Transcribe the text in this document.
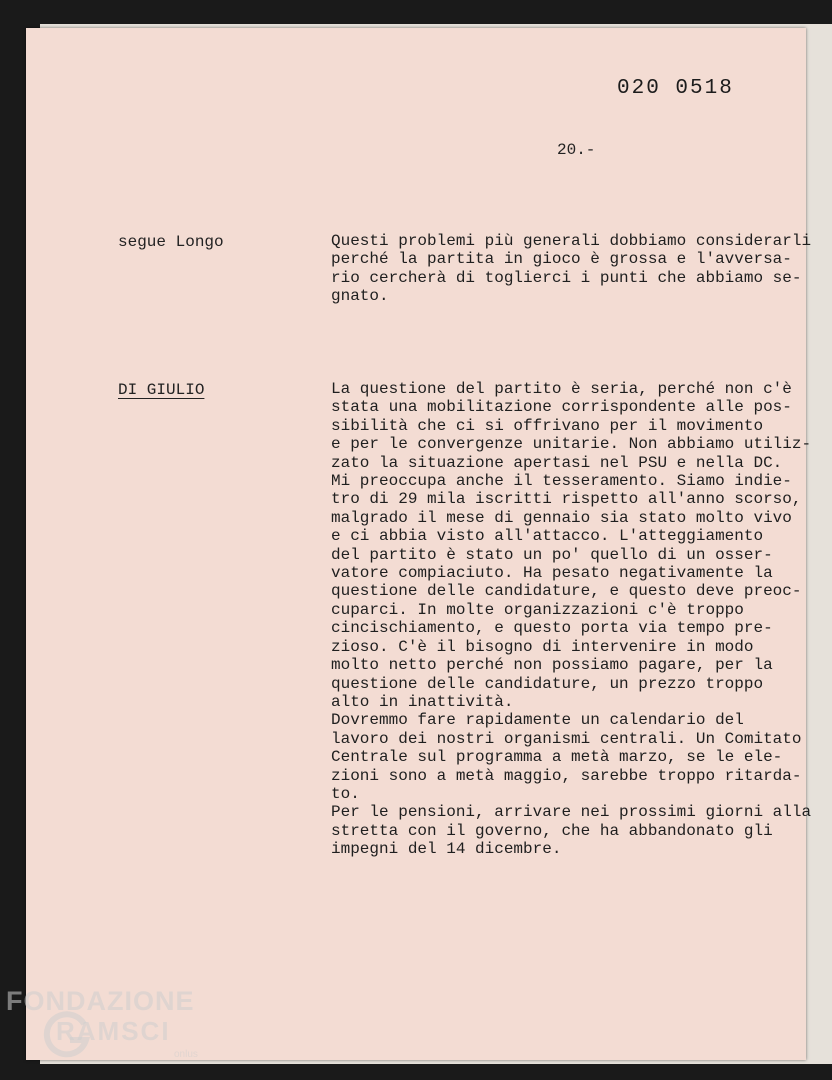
020 0518
20.-
segue Longo	Questi problemi più generali dobbiamo considerarli
perché la partita in gioco è grossa e l'avversa-
rio cercherà di toglierci i punti che abbiamo se-
gnato.
DI GIULIO	La questione del partito è seria, perché non c'è
stata una mobilitazione corrispondente alle pos-
sibilità che ci si offrivano per il movimento
e per le convergenze unitarie. Non abbiamo utiliz-
zato la situazione apertasi nel PSU e nella DC.
Mi preoccupa anche il tesseramento. Siamo indie-
tro di 29 mila iscritti rispetto all'anno scorso,
malgrado il mese di gennaio sia stato molto vivo
e ci abbia visto all'attacco. L'atteggiamento
del partito è stato un po' quello di un osser-
vatore compiaciuto. Ha pesato negativamente la
questione delle candidature, e questo deve preoc-
cuparci. In molte organizzazioni c'è troppo
cincischiamento, e questo porta via tempo pre-
zioso. C'è il bisogno di intervenire in modo
molto netto perché non possiamo pagare, per la
questione delle candidature, un prezzo troppo
alto in inattività.
Dovremmo fare rapidamente un calendario del
lavoro dei nostri organismi centrali. Un Comitato
Centrale sul programma a metà marzo, se le ele-
zioni sono a metà maggio, sarebbe troppo ritarda-
to.
Per le pensioni, arrivare nei prossimi giorni alla
stretta con il governo, che ha abbandonato gli
impegni del 14 dicembre.
FONDAZIONE
RAMSCI
onlus
